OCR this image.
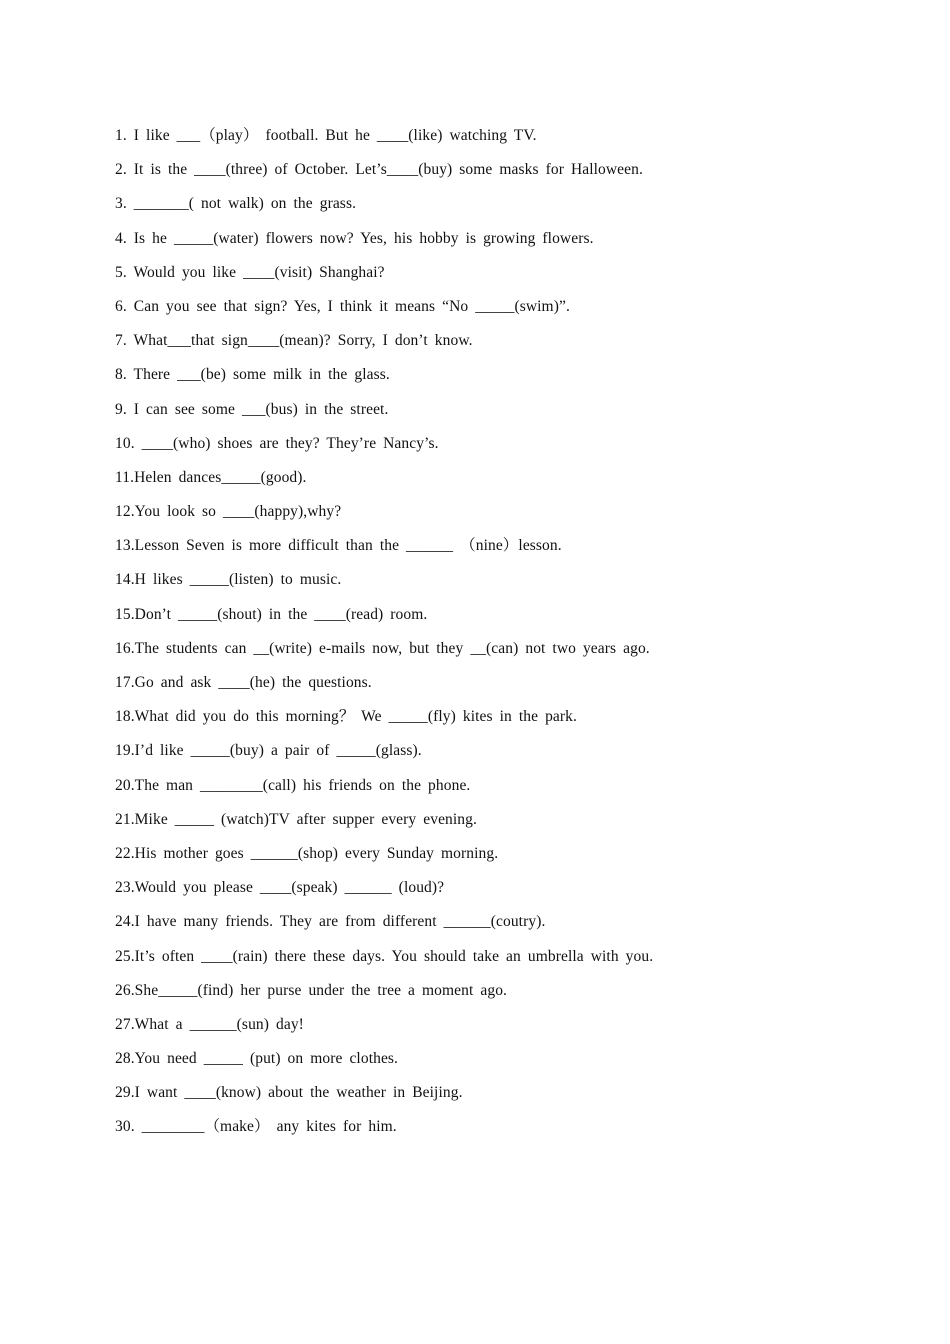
1. I like ___（play） football. But he ____(like) watching TV.
2. It is the ____(three) of October. Let’s____(buy) some masks for Halloween.
3. _______( not walk) on the grass.
4. Is he _____(water) flowers now? Yes, his hobby is growing flowers.
5. Would you like ____(visit) Shanghai?
6. Can you see that sign? Yes, I think it means “No _____(swim)”.
7. What___that sign____(mean)? Sorry, I don’t know.
8. There ___(be) some milk in the glass.
9. I can see some ___(bus) in the street.
10. ____(who) shoes are they? They’re Nancy’s.
11.Helen dances_____(good).
12.You look so ____(happy),why?
13.Lesson Seven is more difficult than the ______ （nine）lesson.
14.H likes _____(listen) to music.
15.Don’t _____(shout) in the ____(read) room.
16.The students can __(write) e-mails now, but they __(can) not two years ago.
17.Go and ask ____(he) the questions.
18.What did you do this morning？ We _____(fly) kites in the park.
19.I’d like _____(buy) a pair of _____(glass).
20.The man ________(call) his friends on the phone.
21.Mike _____ (watch)TV after supper every evening.
22.His mother goes ______(shop) every Sunday morning.
23.Would you please ____(speak) ______ (loud)?
24.I have many friends. They are from different ______(coutry).
25.It’s often ____(rain) there these days. You should take an umbrella with you.
26.She_____(find) her purse under the tree a moment ago.
27.What a ______(sun) day!
28.You need _____ (put) on more clothes.
29.I want ____(know) about the weather in Beijing.
30. ________（make） any kites for him.
